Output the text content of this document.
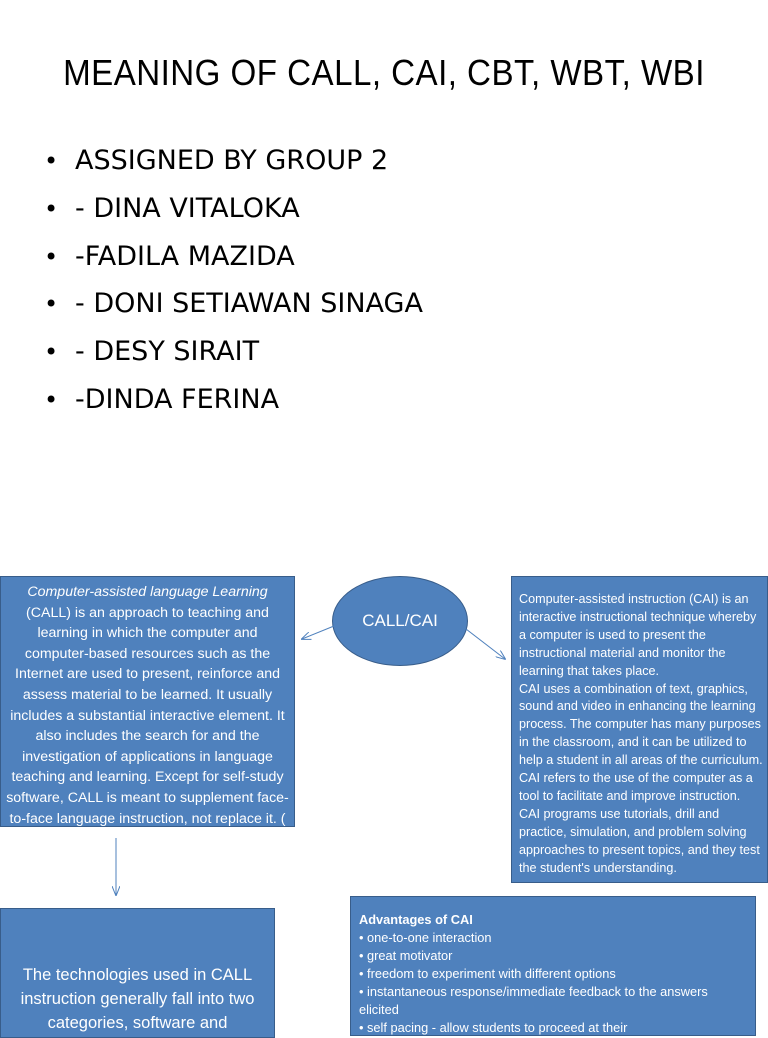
MEANING OF CALL, CAI, CBT, WBT, WBI
• ASSIGNED BY GROUP 2
• - DINA VITALOKA
• -FADILA MAZIDA
• - DONI SETIAWAN SINAGA
• - DESY SIRAIT
• -DINDA FERINA
Computer-assisted language Learning
(CALL) is an approach to teaching and learning in which the computer and computer-based resources such as the Internet are used to present, reinforce and assess material to be learned. It usually includes a substantial interactive element. It also includes the search for and the investigation of applications in language teaching and learning. Except for self-study software, CALL is meant to supplement face-to-face language instruction, not replace it. (
CALL/CAI
Computer-assisted instruction (CAI) is an interactive instructional technique whereby a computer is used to present the instructional material and monitor the learning that takes place.
CAI uses a combination of text, graphics, sound and video in enhancing the learning process. The computer has many purposes in the classroom, and it can be utilized to help a student in all areas of the curriculum. CAI refers to the use of the computer as a tool to facilitate and improve instruction. CAI programs use tutorials, drill and practice, simulation, and problem solving approaches to present topics, and they test the student's understanding.
The technologies used in CALL instruction generally fall into two categories, software and
Advantages of CAI
• one-to-one interaction
• great motivator
• freedom to experiment with different options
• instantaneous response/immediate feedback to the answers elicited
• self pacing - allow students to proceed at their
